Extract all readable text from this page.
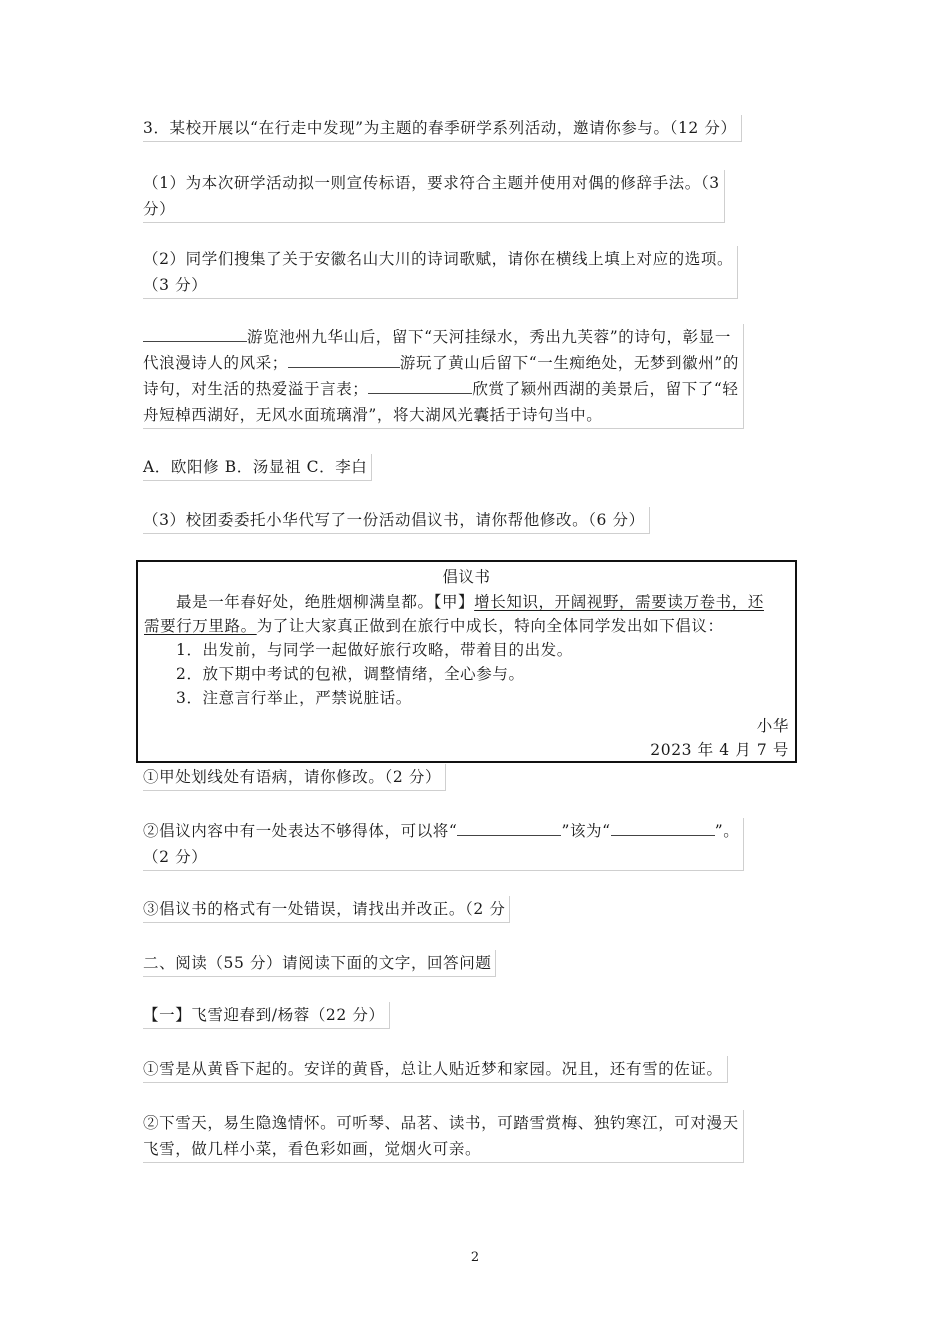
3．某校开展以“在行走中发现”为主题的春季研学系列活动，邀请你参与。（12 分）
（1）为本次研学活动拟一则宣传标语，要求符合主题并使用对偶的修辞手法。（3
分）
（2）同学们搜集了关于安徽名山大川的诗词歌赋，请你在横线上填上对应的选项。
（3 分）
游览池州九华山后，留下“天河挂绿水，秀出九芙蓉”的诗句，彰显一
代浪漫诗人的风采；	游玩了黄山后留下“一生痴绝处，无梦到徽州”的
诗句，对生活的热爱溢于言表；	欣赏了颍州西湖的美景后，留下了“轻
舟短棹西湖好，无风水面琉璃滑”，将大湖风光囊括于诗句当中。
A．欧阳修 B．汤显祖 C．李白
（3）校团委委托小华代写了一份活动倡议书，请你帮他修改。（6 分）
倡议书
最是一年春好处，绝胜烟柳满皇都。【甲】增长知识，开阔视野，需要读万卷书，还
需要行万里路。为了让大家真正做到在旅行中成长，特向全体同学发出如下倡议：
1．出发前，与同学一起做好旅行攻略，带着目的出发。
2．放下期中考试的包袱，调整情绪，全心参与。
3．注意言行举止，严禁说脏话。
小华
2023 年 4 月 7 号
①甲处划线处有语病，请你修改。（2 分）
②倡议内容中有一处表达不够得体，可以将“	”该为“	”。
（2 分）
③倡议书的格式有一处错误，请找出并改正。（2 分
二、阅读（55 分）请阅读下面的文字，回答问题
【一】飞雪迎春到/杨蓉（22 分）
①雪是从黄昏下起的。安详的黄昏，总让人贴近梦和家园。况且，还有雪的佐证。
②下雪天，易生隐逸情怀。可听琴、品茗、读书，可踏雪赏梅、独钓寒江，可对漫天
飞雪，做几样小菜，看色彩如画，觉烟火可亲。
2
